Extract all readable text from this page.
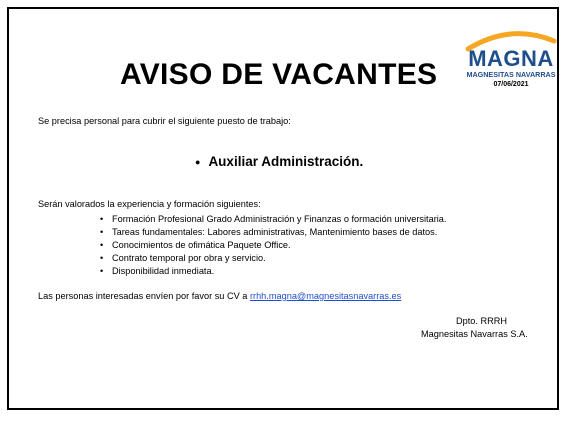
AVISO DE VACANTES MAGNA
MAGNESITAS NAVARRAS
07/06/2021
Se precisa personal para cubrir el siguiente puesto de trabajo:
● Auxiliar Administración.
Serán valorados la experiencia y formación siguientes:
• Formación Profesional Grado Administración y Finanzas o formación universitaria.
• Tareas fundamentales: Labores administrativas, Mantenimiento bases de datos.
• Conocimientos de ofimática Paquete Office.
• Contrato temporal por obra y servicio.
• Disponibilidad inmediata.
Las personas interesadas envíen por favor su CV a rrhh.magna@magnesitasnavarras.es
Dpto. RRRH
Magnesitas Navarras S.A.
